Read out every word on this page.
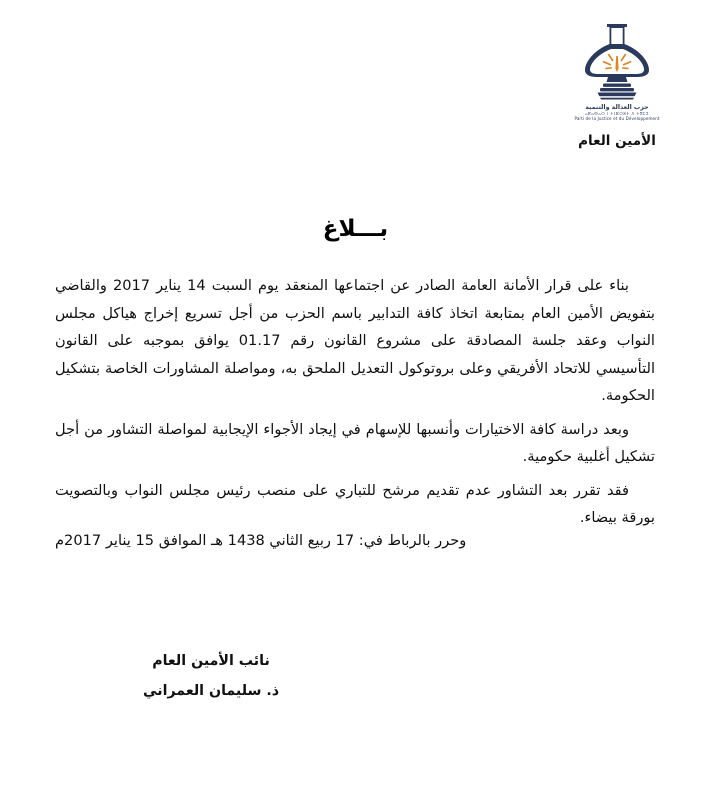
حزب العدالة والتنمية
ⴰⴽⴰⴱⴰⵔ ⵏ ⵜⵏⴼⵔⵓⵜ ⴷ ⵜⴳⵎⵉ
Parti de la Justice et du Développement
الأمين العام
بـــلاغ

بناء على قرار الأمانة العامة الصادر عن اجتماعها المنعقد يوم السبت 14 يناير 2017 والقاضي بتفويض الأمين العام بمتابعة اتخاذ كافة التدابير باسم الحزب من أجل تسريع إخراج هياكل مجلس النواب وعقد جلسة المصادقة على مشروع القانون رقم 01.17 يوافق بموجبه على القانون التأسيسي للاتحاد الأفريقي وعلى بروتوكول التعديل الملحق به، ومواصلة المشاورات الخاصة بتشكيل الحكومة.

وبعد دراسة كافة الاختيارات وأنسبها للإسهام في إيجاد الأجواء الإيجابية لمواصلة التشاور من أجل تشكيل أغلبية حكومية.

فقد تقرر بعد التشاور عدم تقديم مرشح للتباري على منصب رئيس مجلس النواب وبالتصويت بورقة بيضاء.

وحرر بالرباط في: 17 ربيع الثاني 1438 هـ الموافق 15 يناير 2017م
نائب الأمين العام
ذ. سليمان العمراني
